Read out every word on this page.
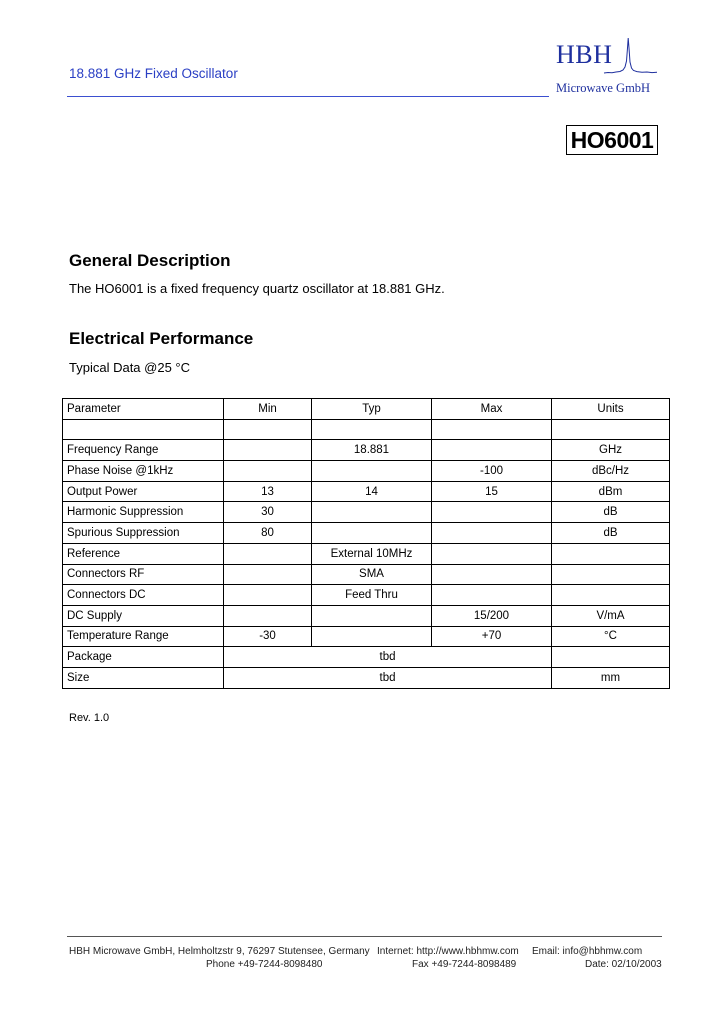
18.881 GHz Fixed Oscillator
HBH
Microwave GmbH
HO6001
General Description
The HO6001 is a fixed frequency quartz oscillator at 18.881 GHz.
Electrical Performance
Typical Data @25 °C
Parameter	Min	Typ	Max	Units

Frequency Range		18.881		GHz
Phase Noise @1kHz			-100	dBc/Hz
Output Power	13	14	15	dBm
Harmonic Suppression	30			dB
Spurious Suppression	80			dB
Reference		External 10MHz		
Connectors RF		SMA		
Connectors DC		Feed Thru		
DC Supply			15/200	V/mA
Temperature Range	-30		+70	°C
Package	tbd			
Size	tbd			mm
Rev. 1.0
HBH Microwave GmbH, Helmholtzstr 9, 76297 Stutensee, Germany Internet: http://www.hbhmw.com Email: info@hbhmw.com
Phone +49-7244-8098480	Fax +49-7244-8098489	Date: 02/10/2003
